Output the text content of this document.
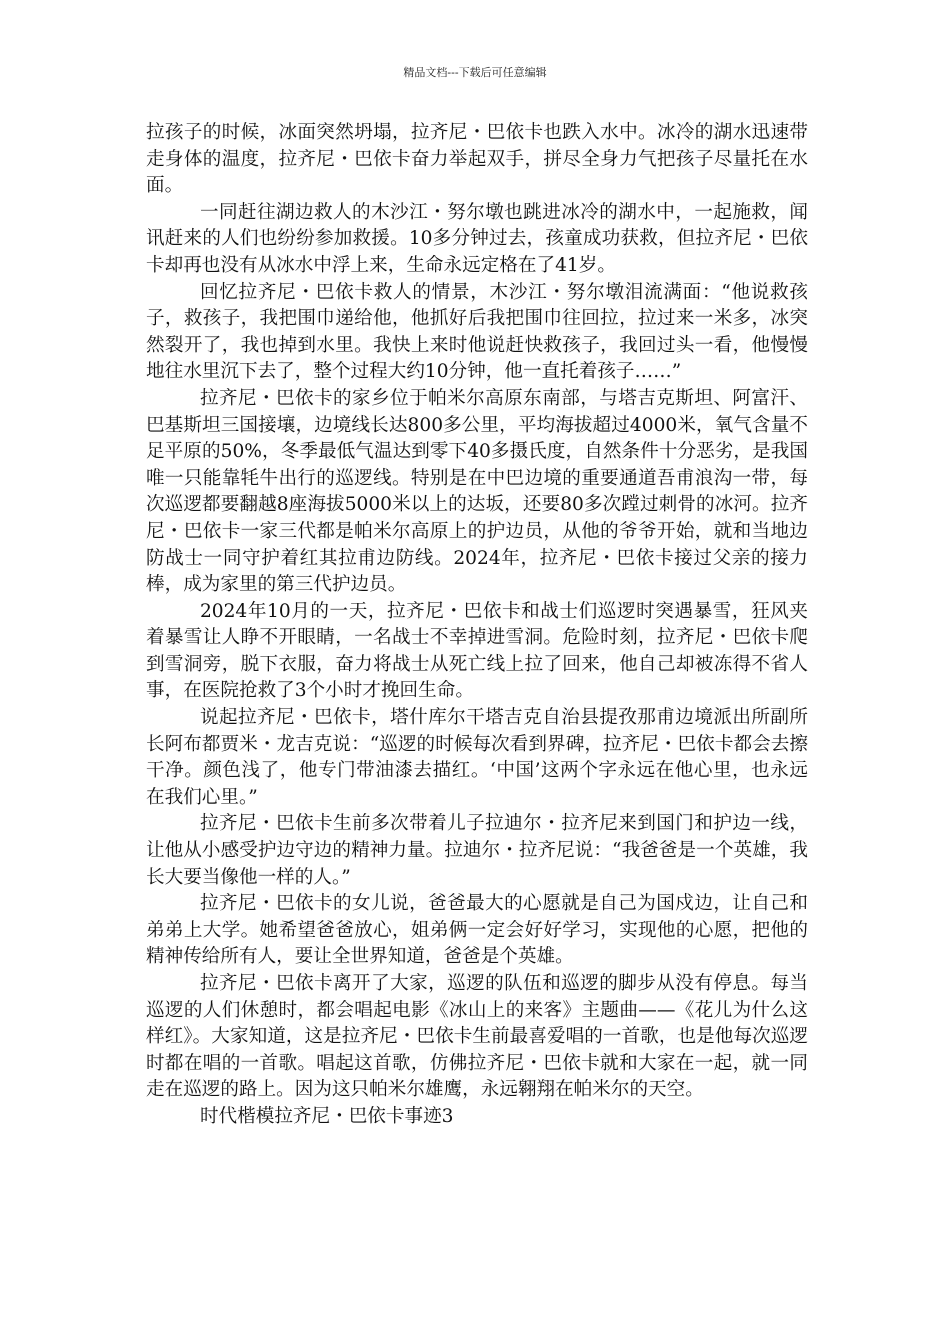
精品文档---下载后可任意编辑

拉孩子的时候，冰面突然坍塌，拉齐尼・巴依卡也跌入水中。冰冷的湖水迅速带走身体的温度，拉齐尼・巴依卡奋力举起双手，拼尽全身力气把孩子尽量托在水面。

一同赶往湖边救人的木沙江・努尔墩也跳进冰冷的湖水中，一起施救，闻讯赶来的人们也纷纷参加救援。10多分钟过去，孩童成功获救，但拉齐尼・巴依卡却再也没有从冰水中浮上来，生命永远定格在了41岁。

回忆拉齐尼・巴依卡救人的情景，木沙江・努尔墩泪流满面：“他说救孩子，救孩子，我把围巾递给他，他抓好后我把围巾往回拉，拉过来一米多，冰突然裂开了，我也掉到水里。我快上来时他说赶快救孩子，我回过头一看，他慢慢地往水里沉下去了，整个过程大约10分钟，他一直托着孩子……”

拉齐尼・巴依卡的家乡位于帕米尔高原东南部，与塔吉克斯坦、阿富汗、巴基斯坦三国接壤，边境线长达800多公里，平均海拔超过4000米，氧气含量不足平原的50%，冬季最低气温达到零下40多摄氏度，自然条件十分恶劣，是我国唯一只能靠牦牛出行的巡逻线。特别是在中巴边境的重要通道吾甫浪沟一带，每次巡逻都要翻越8座海拔5000米以上的达坂，还要80多次蹚过刺骨的冰河。拉齐尼・巴依卡一家三代都是帕米尔高原上的护边员，从他的爷爷开始，就和当地边防战士一同守护着红其拉甫边防线。2024年，拉齐尼・巴依卡接过父亲的接力棒，成为家里的第三代护边员。

2024年10月的一天，拉齐尼・巴依卡和战士们巡逻时突遇暴雪，狂风夹着暴雪让人睁不开眼睛，一名战士不幸掉进雪洞。危险时刻，拉齐尼・巴依卡爬到雪洞旁，脱下衣服，奋力将战士从死亡线上拉了回来，他自己却被冻得不省人事，在医院抢救了3个小时才挽回生命。

说起拉齐尼・巴依卡，塔什库尔干塔吉克自治县提孜那甫边境派出所副所长阿布都贾米・龙吉克说：“巡逻的时候每次看到界碑，拉齐尼・巴依卡都会去擦干净。颜色浅了，他专门带油漆去描红。‘中国’这两个字永远在他心里，也永远在我们心里。”

拉齐尼・巴依卡生前多次带着儿子拉迪尔・拉齐尼来到国门和护边一线，让他从小感受护边守边的精神力量。拉迪尔・拉齐尼说：“我爸爸是一个英雄，我长大要当像他一样的人。”

拉齐尼・巴依卡的女儿说，爸爸最大的心愿就是自己为国戍边，让自己和弟弟上大学。她希望爸爸放心，姐弟俩一定会好好学习，实现他的心愿，把他的精神传给所有人，要让全世界知道，爸爸是个英雄。

拉齐尼・巴依卡离开了大家，巡逻的队伍和巡逻的脚步从没有停息。每当巡逻的人们休憩时，都会唱起电影《冰山上的来客》主题曲——《花儿为什么这样红》。大家知道，这是拉齐尼・巴依卡生前最喜爱唱的一首歌，也是他每次巡逻时都在唱的一首歌。唱起这首歌，仿佛拉齐尼・巴依卡就和大家在一起，就一同走在巡逻的路上。因为这只帕米尔雄鹰，永远翱翔在帕米尔的天空。

时代楷模拉齐尼・巴依卡事迹3
